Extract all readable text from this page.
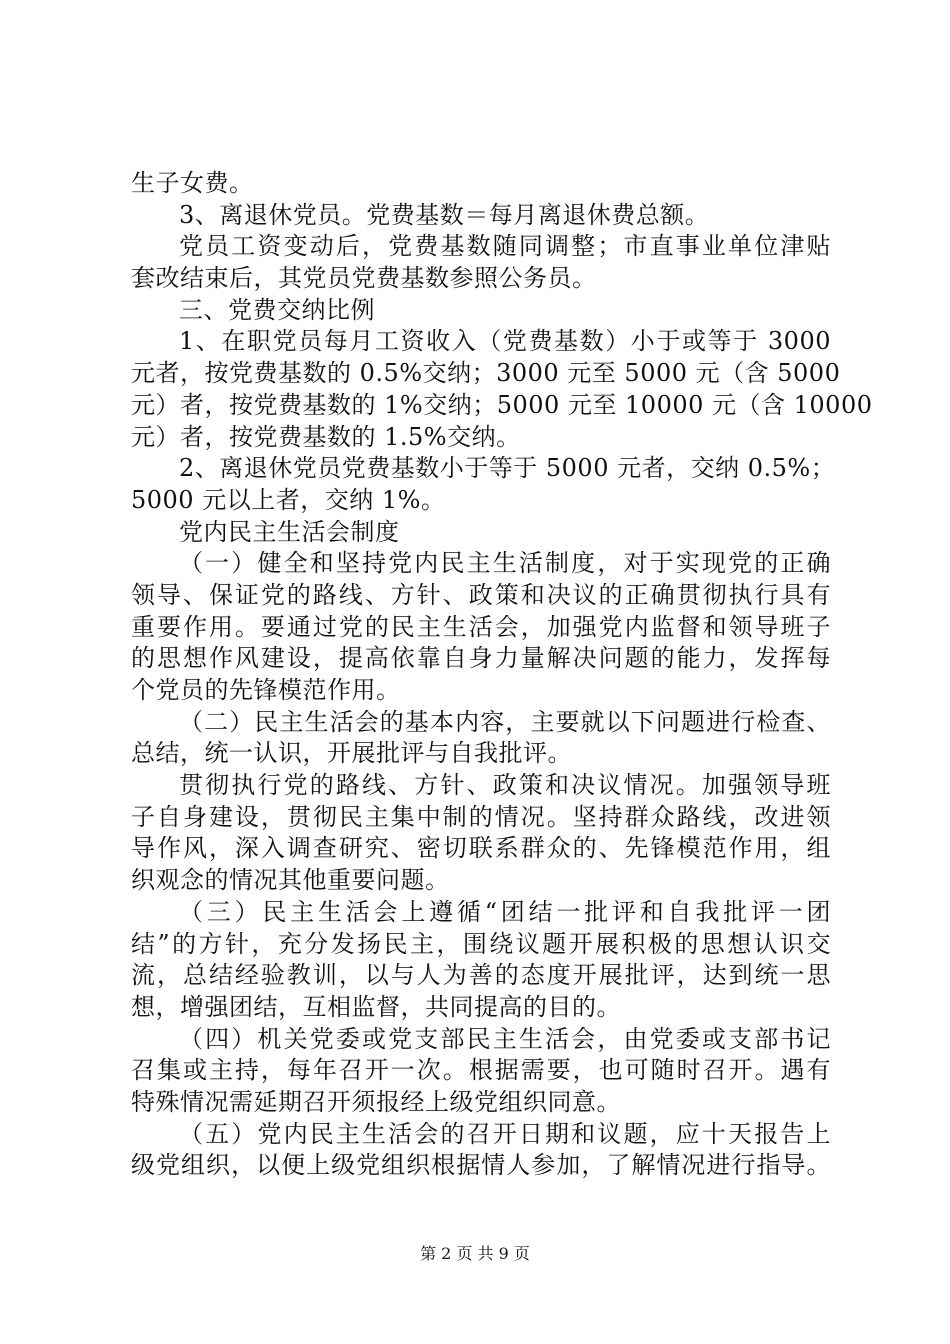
生子女费。
3、离退休党员。党费基数＝每月离退休费总额。
党员工资变动后，党费基数随同调整；市直事业单位津贴
套改结束后，其党员党费基数参照公务员。
三、党费交纳比例
1、在职党员每月工资收入（党费基数）小于或等于 3000
元者，按党费基数的 0.5%交纳；3000 元至 5000 元（含 5000
元）者，按党费基数的 1%交纳；5000 元至 10000 元（含 10000
元）者，按党费基数的 1.5%交纳。
2、离退休党员党费基数小于等于 5000 元者，交纳 0.5%；
5000 元以上者，交纳 1%。
党内民主生活会制度
（一）健全和坚持党内民主生活制度，对于实现党的正确
领导、保证党的路线、方针、政策和决议的正确贯彻执行具有
重要作用。要通过党的民主生活会，加强党内监督和领导班子
的思想作风建设，提高依靠自身力量解决问题的能力，发挥每
个党员的先锋模范作用。
（二）民主生活会的基本内容，主要就以下问题进行检查、
总结，统一认识，开展批评与自我批评。
贯彻执行党的路线、方针、政策和决议情况。加强领导班
子自身建设，贯彻民主集中制的情况。坚持群众路线，改进领
导作风，深入调查研究、密切联系群众的、先锋模范作用，组
织观念的情况其他重要问题。
（三）民主生活会上遵循“团结一批评和自我批评一团
结”的方针，充分发扬民主，围绕议题开展积极的思想认识交
流，总结经验教训，以与人为善的态度开展批评，达到统一思
想，增强团结，互相监督，共同提高的目的。
（四）机关党委或党支部民主生活会，由党委或支部书记
召集或主持，每年召开一次。根据需要，也可随时召开。遇有
特殊情况需延期召开须报经上级党组织同意。
（五）党内民主生活会的召开日期和议题，应十天报告上
级党组织，以便上级党组织根据情人参加，了解情况进行指导。
第 2 页 共 9 页
